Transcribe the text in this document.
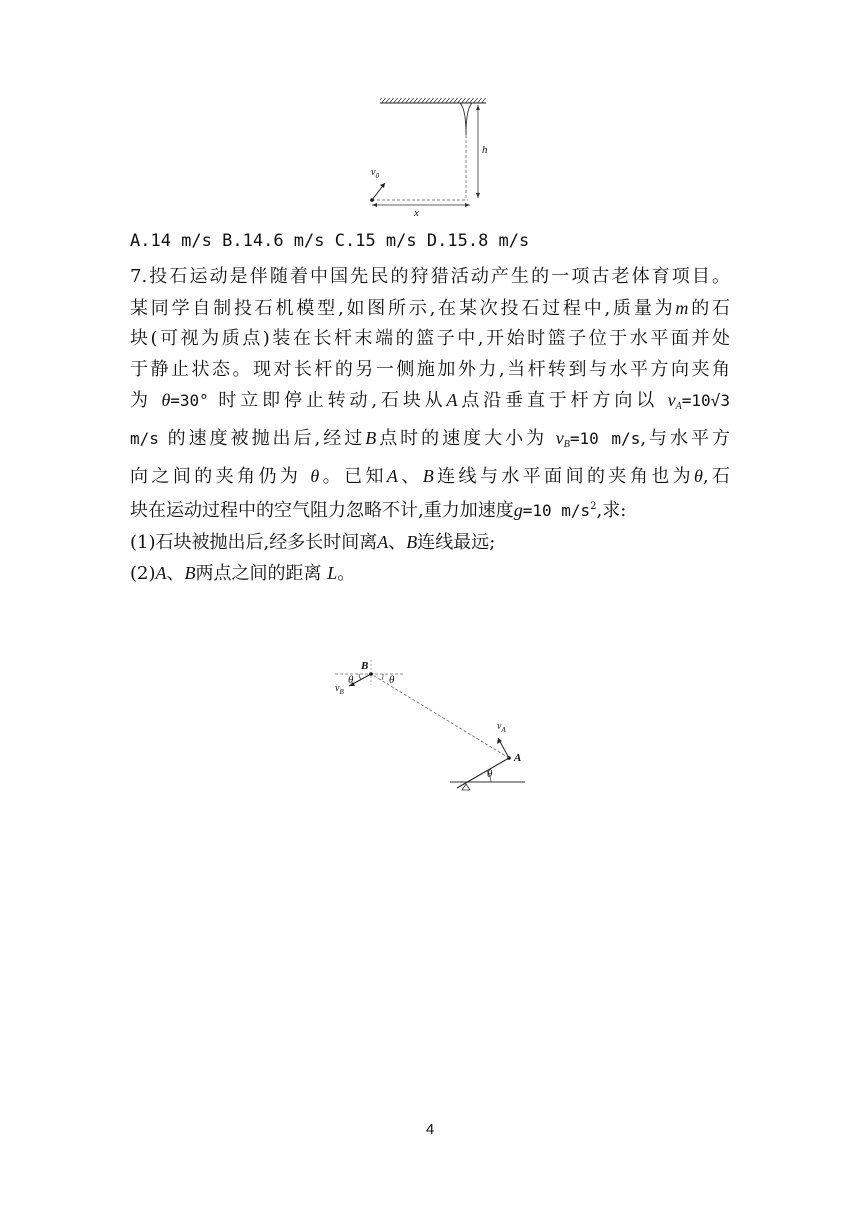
h
x
$v_0$
A.14 m/s B.14.6 m/s C.15 m/s D.15.8 m/s
7.投石运动是伴随着中国先民的狩猎活动产生的一项古老体育项目。
某同学自制投石机模型,如图所示,在某次投石过程中,质量为m的石
块(可视为质点)装在长杆末端的篮子中,开始时篮子位于水平面并处
于静止状态。现对长杆的另一侧施加外力,当杆转到与水平方向夹角
为 θ=30° 时立即停止转动,石块从A点沿垂直于杆方向以 vA=10√3
m/s 的速度被抛出后,经过B点时的速度大小为 vB=10 m/s,与水平方
向之间的夹角仍为 θ。已知A、B连线与水平面间的夹角也为θ,石
块在运动过程中的空气阻力忽略不计,重力加速度g=10 $m/s^2$,求:
(1)石块被抛出后,经多长时间离A、B连线最远;
(2)A、B两点之间的距离 L。
θ
A
$v_A$
B
$v_B$
θ	θ
4
